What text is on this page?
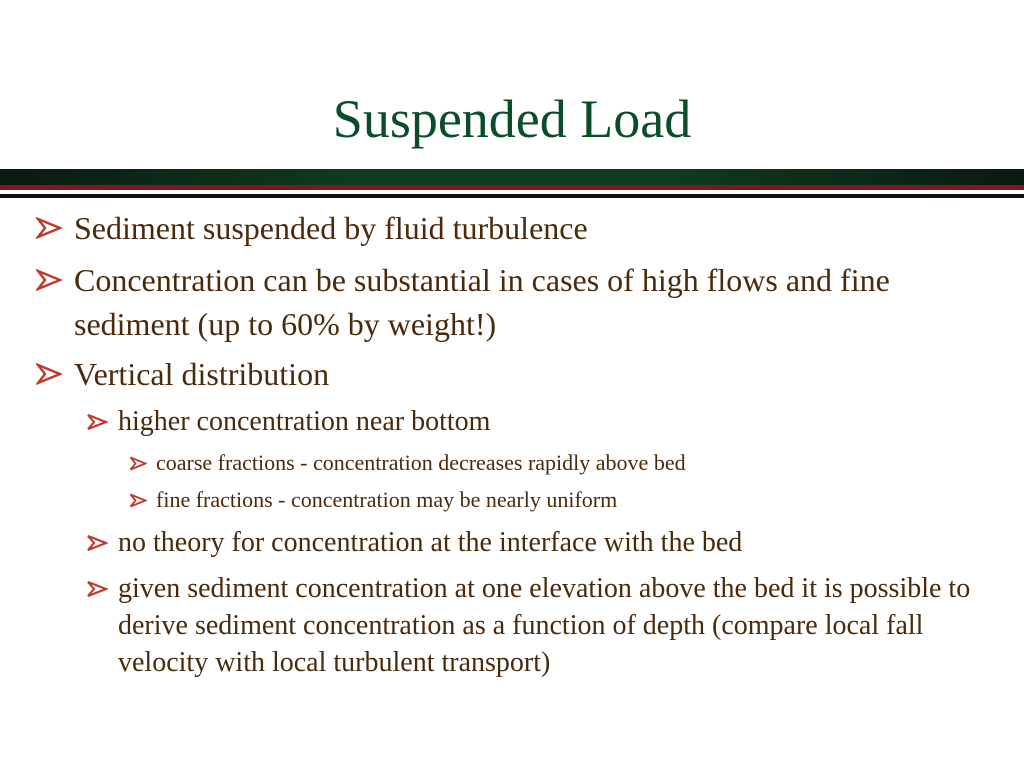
Suspended Load
Sediment suspended by fluid turbulence
Concentration can be substantial in cases of high flows and fine sediment (up to 60% by weight!)
Vertical distribution
higher concentration near bottom
coarse fractions - concentration decreases rapidly above bed
fine fractions - concentration may be nearly uniform
no theory for concentration at the interface with the bed
given sediment concentration at one elevation above the bed it is possible to derive sediment concentration as a function of depth (compare local fall velocity with local turbulent transport)
